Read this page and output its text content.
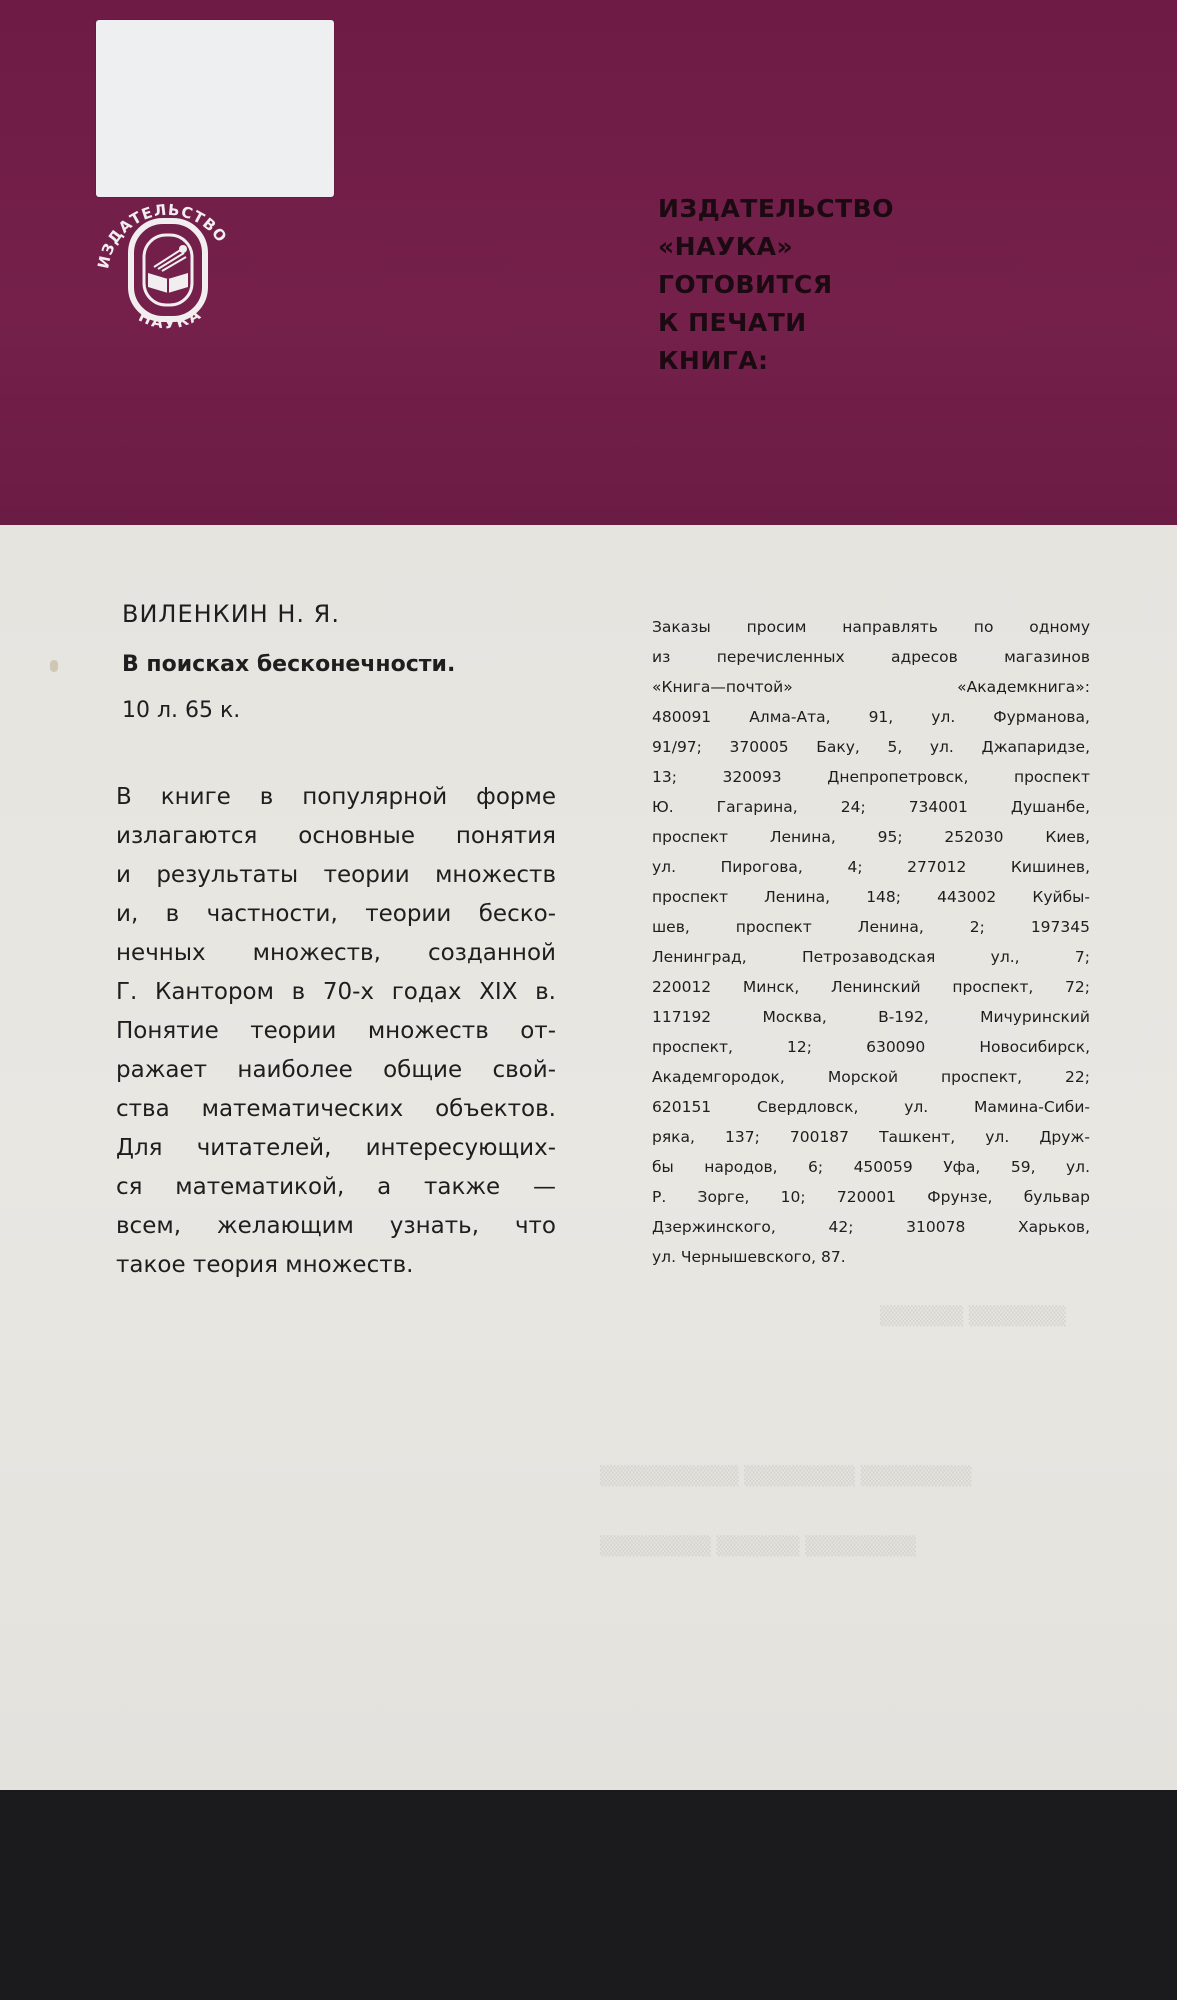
ИЗДАТЕЛЬСТВО
НАУКА
ИЗДАТЕЛЬСТВО
«НАУКА»
ГОТОВИТСЯ
К ПЕЧАТИ
КНИГА:
▒▒▒▒▒▒ ▒▒▒▒▒▒▒
▒▒▒▒▒▒▒▒▒▒ ▒▒▒▒▒▒▒▒ ▒▒▒▒▒▒▒▒
▒▒▒▒▒▒▒▒ ▒▒▒▒▒▒ ▒▒▒▒▒▒▒▒
ВИЛЕНКИН Н. Я.
В поисках бесконечности.
10 л. 65 к.
В книге в популярной форме
излагаются основные понятия
и результаты теории множеств
и, в частности, теории беско-
нечных множеств, созданной
Г. Кантором в 70-х годах XIX в.
Понятие теории множеств от-
ражает наиболее общие свой-
ства математических объектов.
Для читателей, интересующих-
ся математикой, а также —
всем, желающим узнать, что
такое теория множеств.
Заказы просим направлять по одному
из перечисленных адресов магазинов
«Книга—почтой» «Академкнига»:
480091 Алма-Ата, 91, ул. Фурманова,
91/97; 370005 Баку, 5, ул. Джапаридзе,
13; 320093 Днепропетровск, проспект
Ю. Гагарина, 24; 734001 Душанбе,
проспект Ленина, 95; 252030 Киев,
ул. Пирогова, 4; 277012 Кишинев,
проспект Ленина, 148; 443002 Куйбы-
шев, проспект Ленина, 2; 197345
Ленинград, Петрозаводская ул., 7;
220012 Минск, Ленинский проспект, 72;
117192 Москва, В-192, Мичуринский
проспект, 12; 630090 Новосибирск,
Академгородок, Морской проспект, 22;
620151 Свердловск, ул. Мамина-Сиби-
ряка, 137; 700187 Ташкент, ул. Друж-
бы народов, 6; 450059 Уфа, 59, ул.
Р. Зорге, 10; 720001 Фрунзе, бульвар
Дзержинского, 42; 310078 Харьков,
ул. Чернышевского, 87.
